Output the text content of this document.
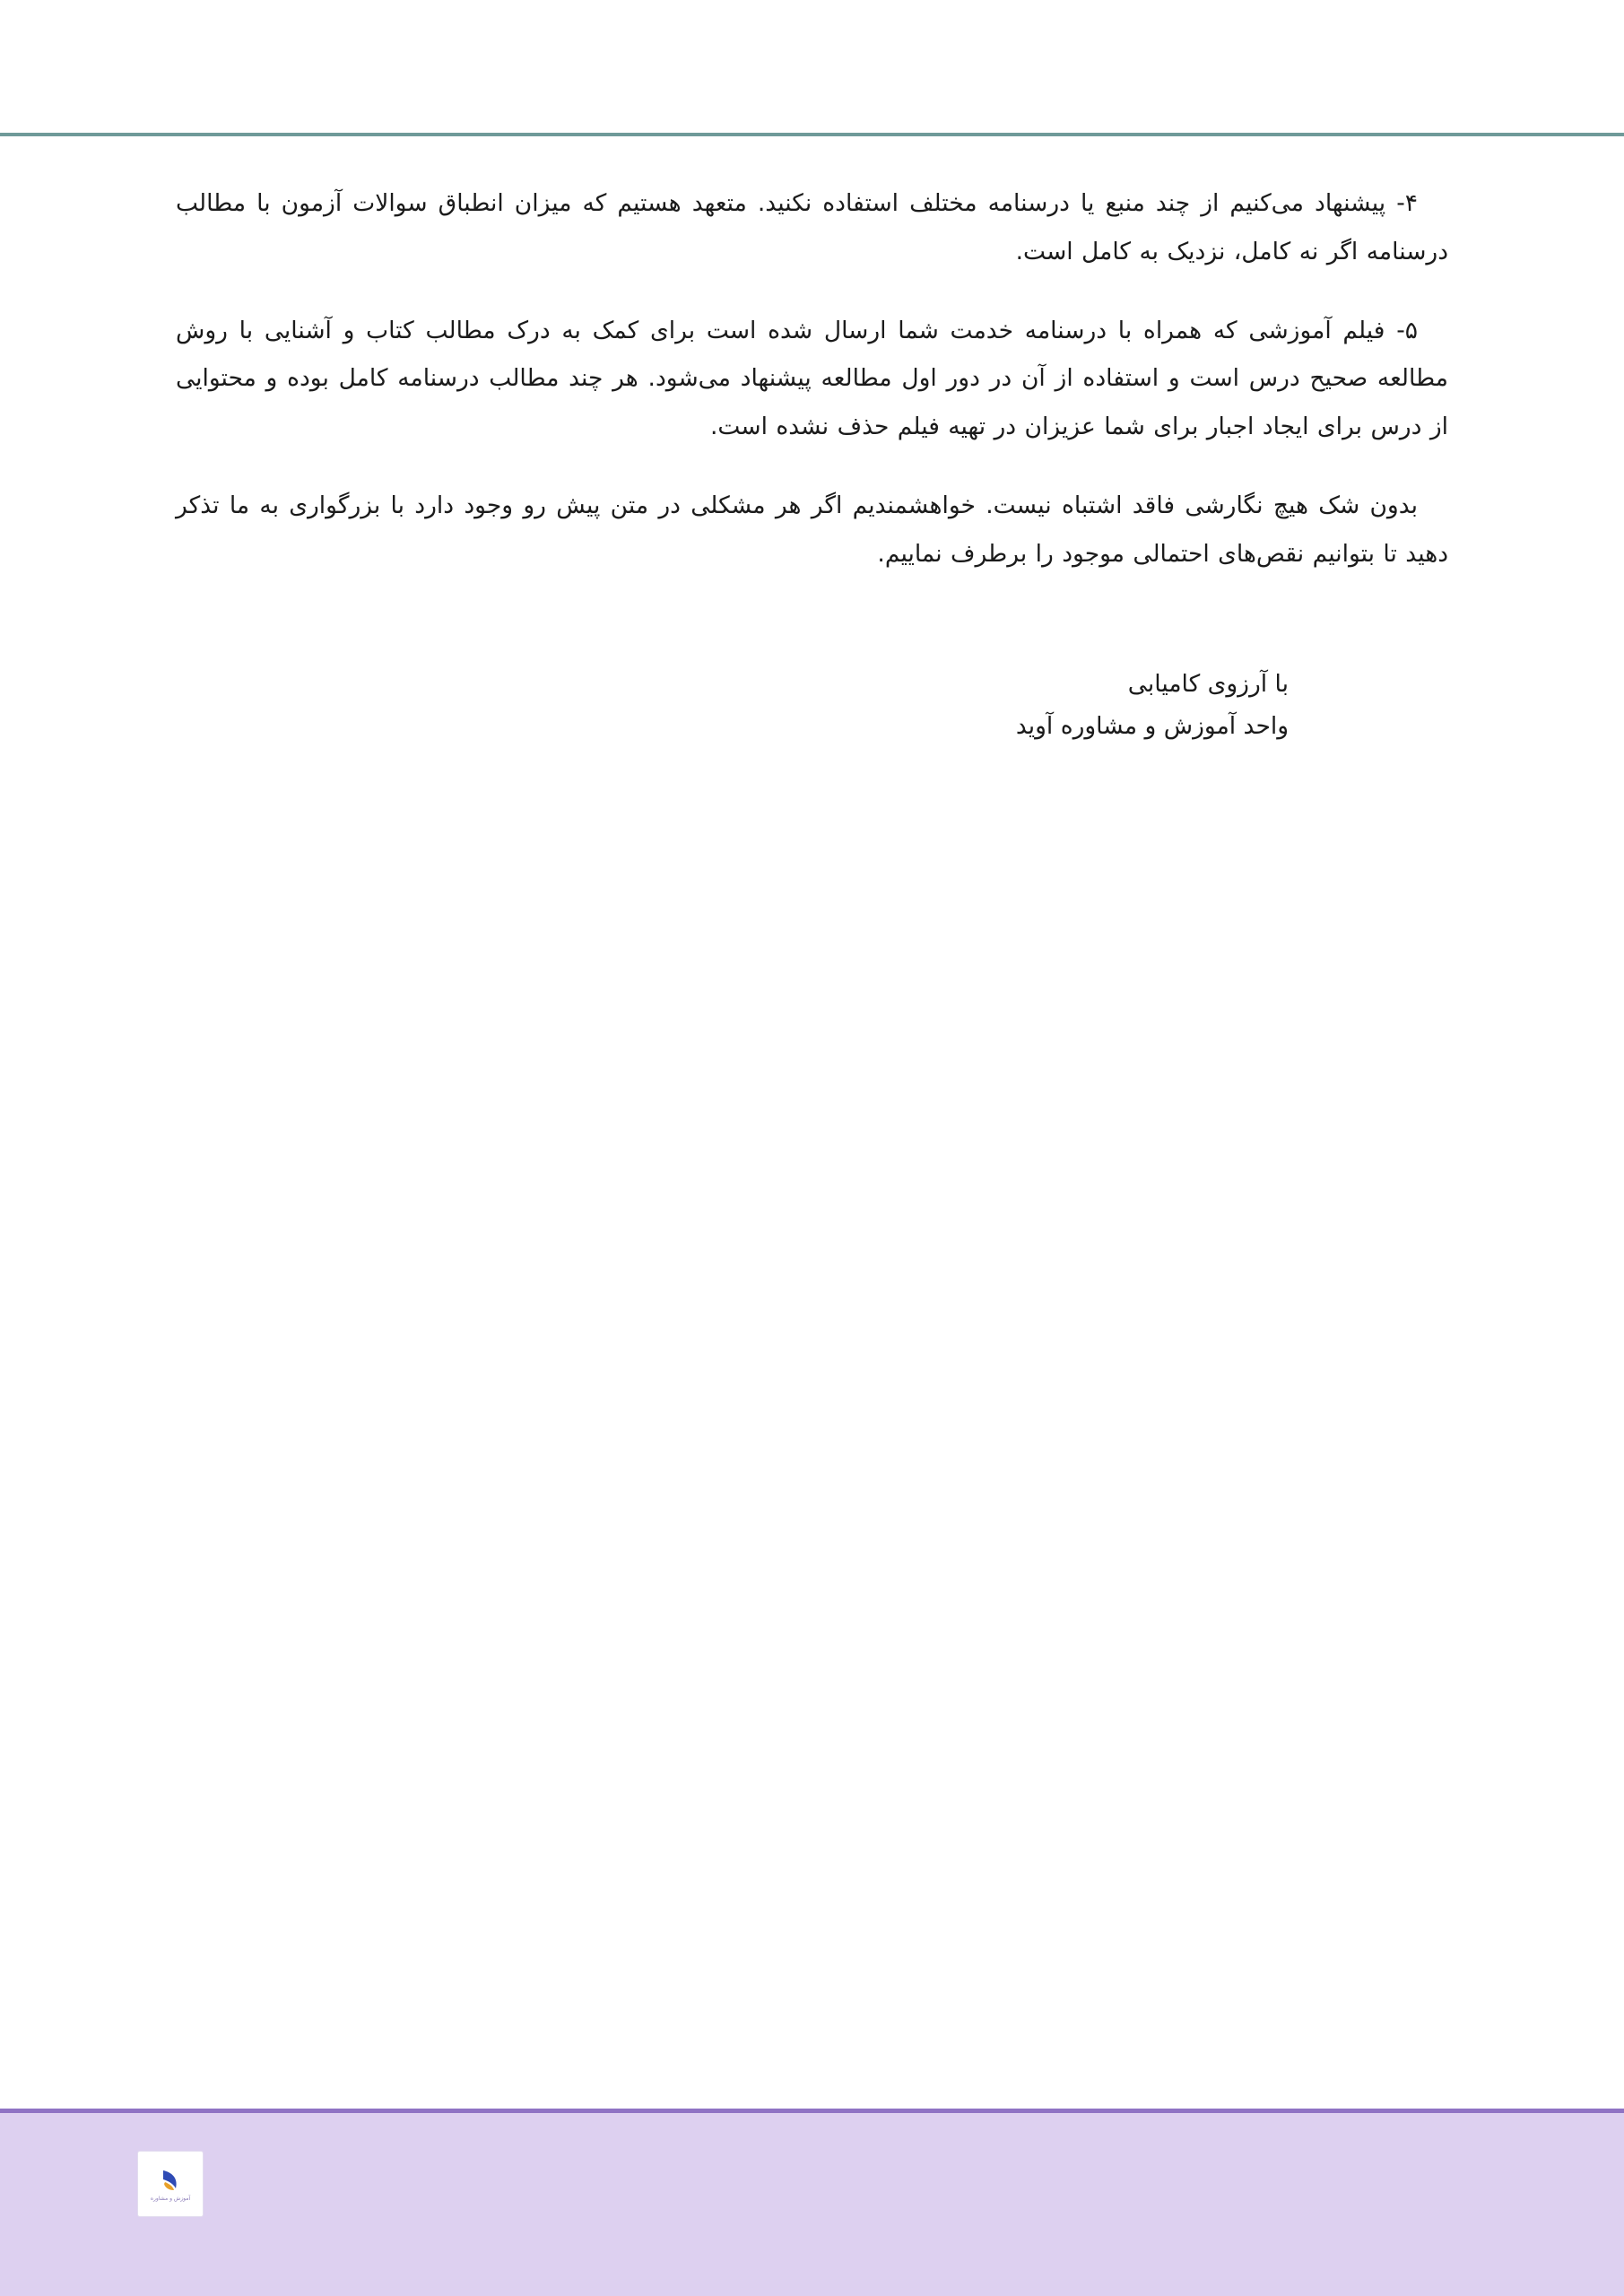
۴- پیشنهاد می‌کنیم از چند منبع یا درسنامه مختلف استفاده نکنید. متعهد هستیم که میزان انطباق سوالات آزمون با مطالب درسنامه اگر نه کامل، نزدیک به کامل است.

۵- فیلم آموزشی که همراه با درسنامه خدمت شما ارسال شده است برای کمک به درک مطالب کتاب و آشنایی با روش مطالعه صحیح درس است و استفاده از آن در دور اول مطالعه پیشنهاد می‌شود. هر چند مطالب درسنامه کامل بوده و محتوایی از درس برای ایجاد اجبار برای شما عزیزان در تهیه فیلم حذف نشده است.

بدون شک هیچ نگارشی فاقد اشتباه نیست. خواهشمندیم اگر هر مشکلی در متن پیش رو وجود دارد با بزرگواری به ما تذکر دهید تا بتوانیم نقص‌های احتمالی موجود را برطرف نماییم.

با آرزوی کامیابی
واحد آموزش و مشاوره آوید
آموزش و مشاوره
